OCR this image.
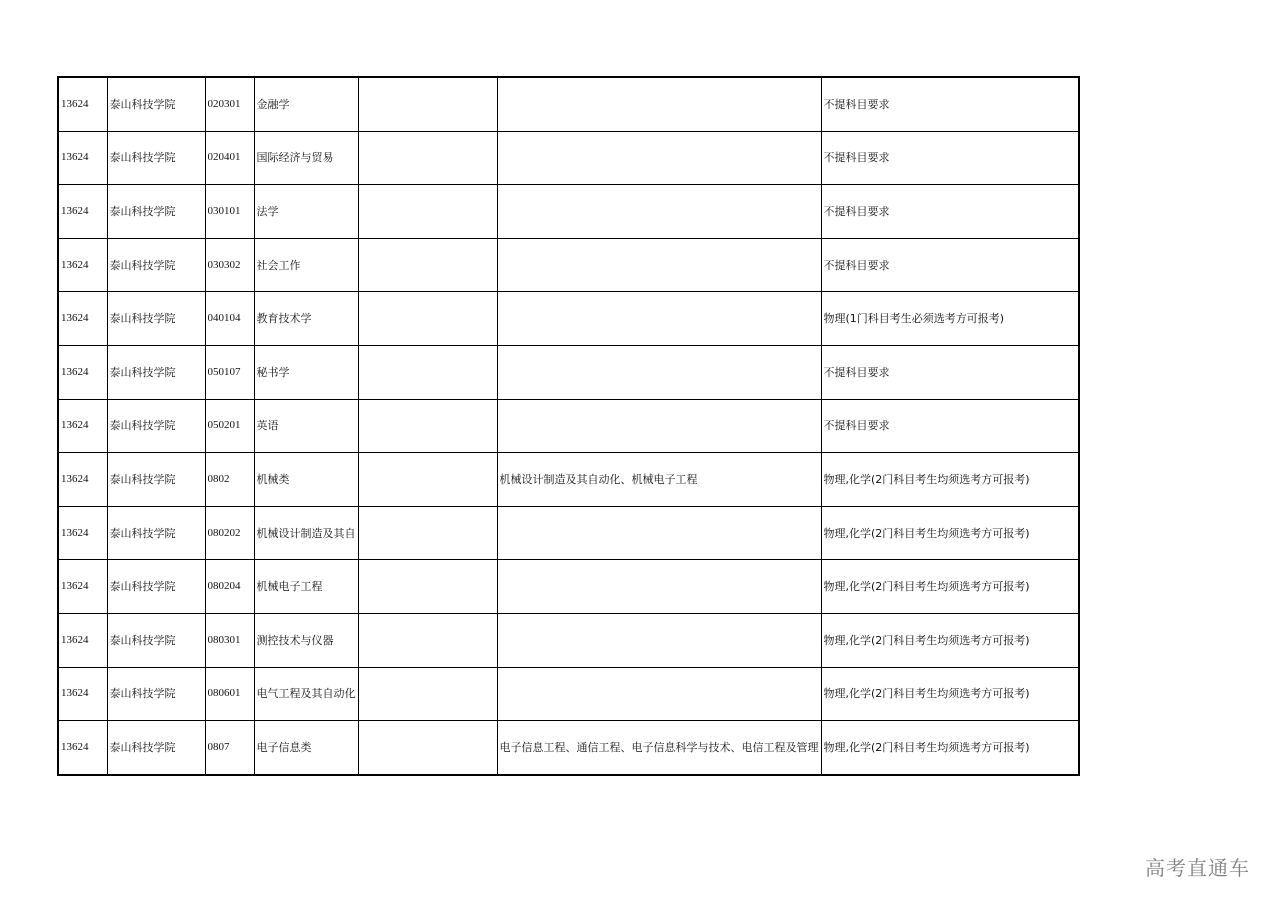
13624	泰山科技学院	020301	金融学			不提科目要求
13624	泰山科技学院	020401	国际经济与贸易			不提科目要求
13624	泰山科技学院	030101	法学			不提科目要求
13624	泰山科技学院	030302	社会工作			不提科目要求
13624	泰山科技学院	040104	教育技术学			物理(1门科目考生必须选考方可报考)
13624	泰山科技学院	050107	秘书学			不提科目要求
13624	泰山科技学院	050201	英语			不提科目要求
13624	泰山科技学院	0802	机械类		机械设计制造及其自动化、机械电子工程	物理,化学(2门科目考生均须选考方可报考)
13624	泰山科技学院	080202	机械设计制造及其自			物理,化学(2门科目考生均须选考方可报考)
13624	泰山科技学院	080204	机械电子工程			物理,化学(2门科目考生均须选考方可报考)
13624	泰山科技学院	080301	测控技术与仪器			物理,化学(2门科目考生均须选考方可报考)
13624	泰山科技学院	080601	电气工程及其自动化			物理,化学(2门科目考生均须选考方可报考)
13624	泰山科技学院	0807	电子信息类		电子信息工程、通信工程、电子信息科学与技术、电信工程及管理	物理,化学(2门科目考生均须选考方可报考)
高考直通车
